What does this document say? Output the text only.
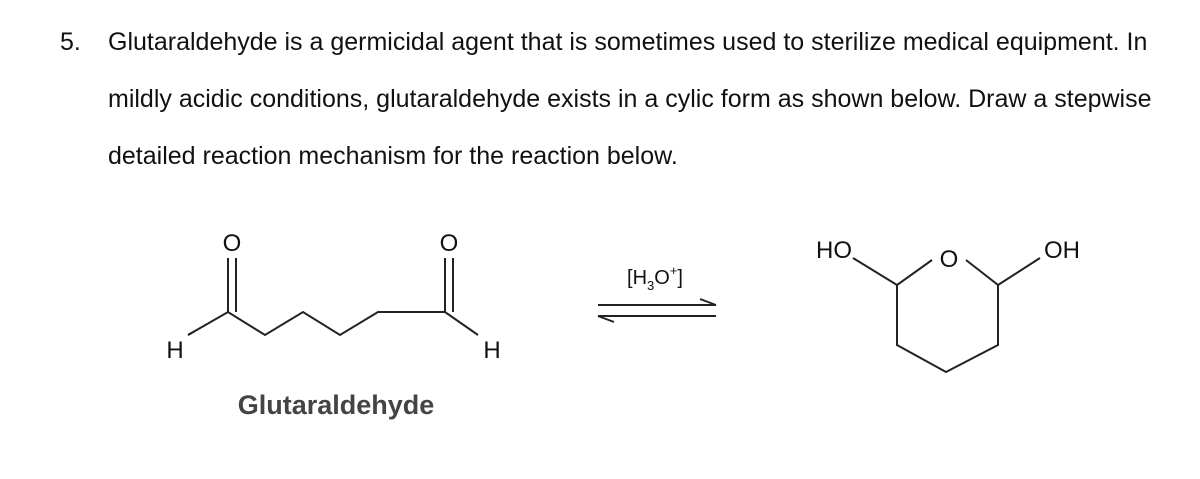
5. Glutaraldehyde is a germicidal agent that is sometimes used to sterilize medical equipment. In mildly acidic conditions, glutaraldehyde exists in a cylic form as shown below. Draw a stepwise detailed reaction mechanism for the reaction below.
O	O
H	H
Glutaraldehyde
$[H_3O^+]$
O
HO	OH
